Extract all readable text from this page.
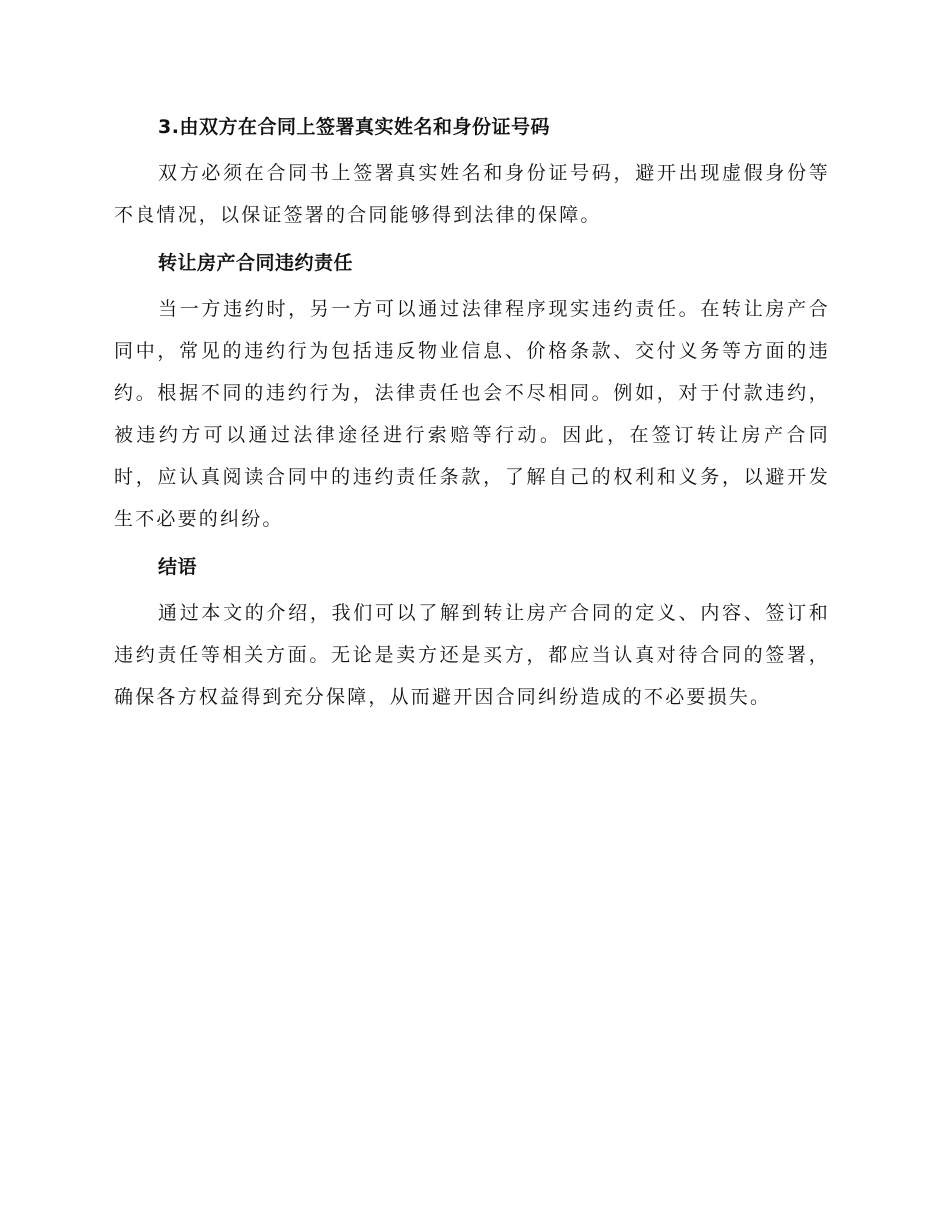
3.由双方在合同上签署真实姓名和身份证号码

双方必须在合同书上签署真实姓名和身份证号码，避开出现虚假身份等不良情况，以保证签署的合同能够得到法律的保障。

转让房产合同违约责任

当一方违约时，另一方可以通过法律程序现实违约责任。在转让房产合同中，常见的违约行为包括违反物业信息、价格条款、交付义务等方面的违约。根据不同的违约行为，法律责任也会不尽相同。例如，对于付款违约，被违约方可以通过法律途径进行索赔等行动。因此，在签订转让房产合同时，应认真阅读合同中的违约责任条款，了解自己的权利和义务，以避开发生不必要的纠纷。

结语

通过本文的介绍，我们可以了解到转让房产合同的定义、内容、签订和违约责任等相关方面。无论是卖方还是买方，都应当认真对待合同的签署，确保各方权益得到充分保障，从而避开因合同纠纷造成的不必要损失。
